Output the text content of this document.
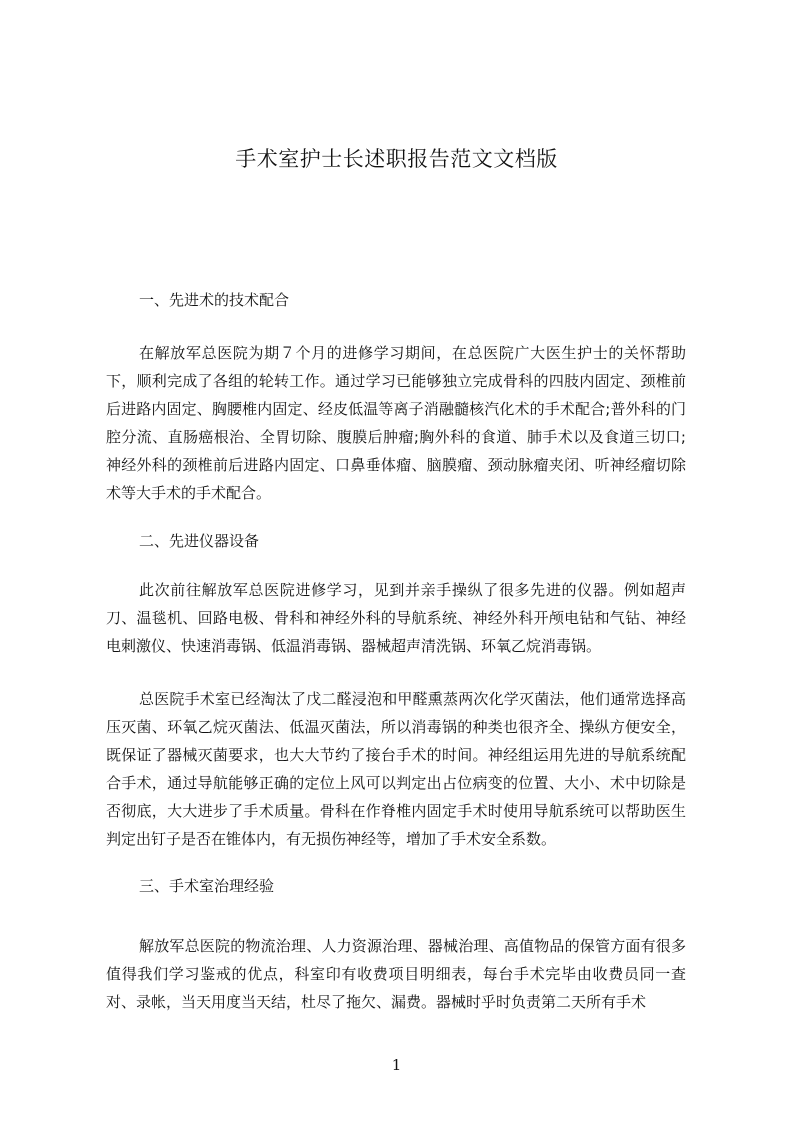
手术室护士长述职报告范文文档版
一、先进术的技术配合
在解放军总医院为期７个月的进修学习期间，在总医院广大医生护士的关怀帮助下，顺利完成了各组的轮转工作。通过学习已能够独立完成骨科的四肢内固定、颈椎前后进路内固定、胸腰椎内固定、经皮低温等离子消融髓核汽化术的手术配合;普外科的门腔分流、直肠癌根治、全胃切除、腹膜后肿瘤;胸外科的食道、肺手术以及食道三切口;神经外科的颈椎前后进路内固定、口鼻垂体瘤、脑膜瘤、颈动脉瘤夹闭、听神经瘤切除术等大手术的手术配合。
二、先进仪器设备
此次前往解放军总医院进修学习，见到并亲手操纵了很多先进的仪器。例如超声刀、温毯机、回路电极、骨科和神经外科的导航系统、神经外科开颅电钻和气钻、神经电刺激仪、快速消毒锅、低温消毒锅、器械超声清洗锅、环氧乙烷消毒锅。
总医院手术室已经淘汰了戊二醛浸泡和甲醛熏蒸两次化学灭菌法，他们通常选择高压灭菌、环氧乙烷灭菌法、低温灭菌法，所以消毒锅的种类也很齐全、操纵方便安全，既保证了器械灭菌要求，也大大节约了接台手术的时间。神经组运用先进的导航系统配合手术，通过导航能够正确的定位上风可以判定出占位病变的位置、大小、术中切除是否彻底，大大进步了手术质量。骨科在作脊椎内固定手术时使用导航系统可以帮助医生判定出钉子是否在锥体内，有无损伤神经等，增加了手术安全系数。
三、手术室治理经验
解放军总医院的物流治理、人力资源治理、器械治理、高值物品的保管方面有很多值得我们学习鉴戒的优点，科室印有收费项目明细表，每台手术完毕由收费员同一查对、录帐，当天用度当天结，杜尽了拖欠、漏费。器械时乎时负责第二天所有手术
1
